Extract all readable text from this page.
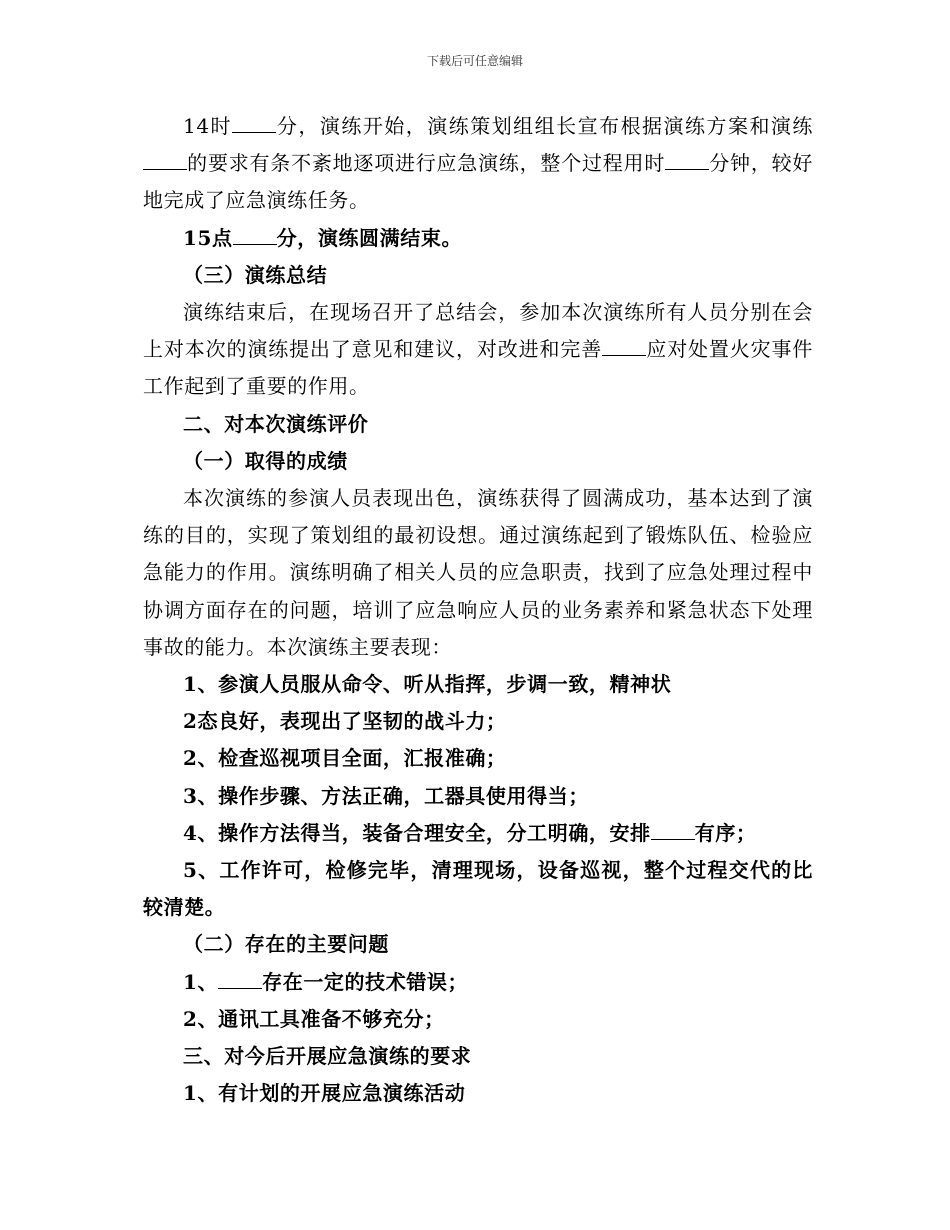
下载后可任意编辑

14时 分，演练开始，演练策划组组长宣布根据演练方案和演练的要求有条不紊地逐项进行应急演练，整个过程用时 分钟，较好地完成了应急演练任务。

15点 分，演练圆满结束。

（三）演练总结

演练结束后，在现场召开了总结会，参加本次演练所有人员分别在会上对本次的演练提出了意见和建议，对改进和完善 应对处置火灾事件工作起到了重要的作用。

二、对本次演练评价

（一）取得的成绩

本次演练的参演人员表现出色，演练获得了圆满成功，基本达到了演练的目的，实现了策划组的最初设想。通过演练起到了锻炼队伍、检验应急能力的作用。演练明确了相关人员的应急职责，找到了应急处理过程中协调方面存在的问题，培训了应急响应人员的业务素养和紧急状态下处理事故的能力。本次演练主要表现：

1、参演人员服从命令、听从指挥，步调一致，精神状

2态良好，表现出了坚韧的战斗力；

2、检查巡视项目全面，汇报准确；

3、操作步骤、方法正确，工器具使用得当；

4、操作方法得当，装备合理安全，分工明确，安排 有序；

5、工作许可，检修完毕，清理现场，设备巡视，整个过程交代的比较清楚。

（二）存在的主要问题

1、 存在一定的技术错误；

2、通讯工具准备不够充分；

三、对今后开展应急演练的要求

1、有计划的开展应急演练活动
